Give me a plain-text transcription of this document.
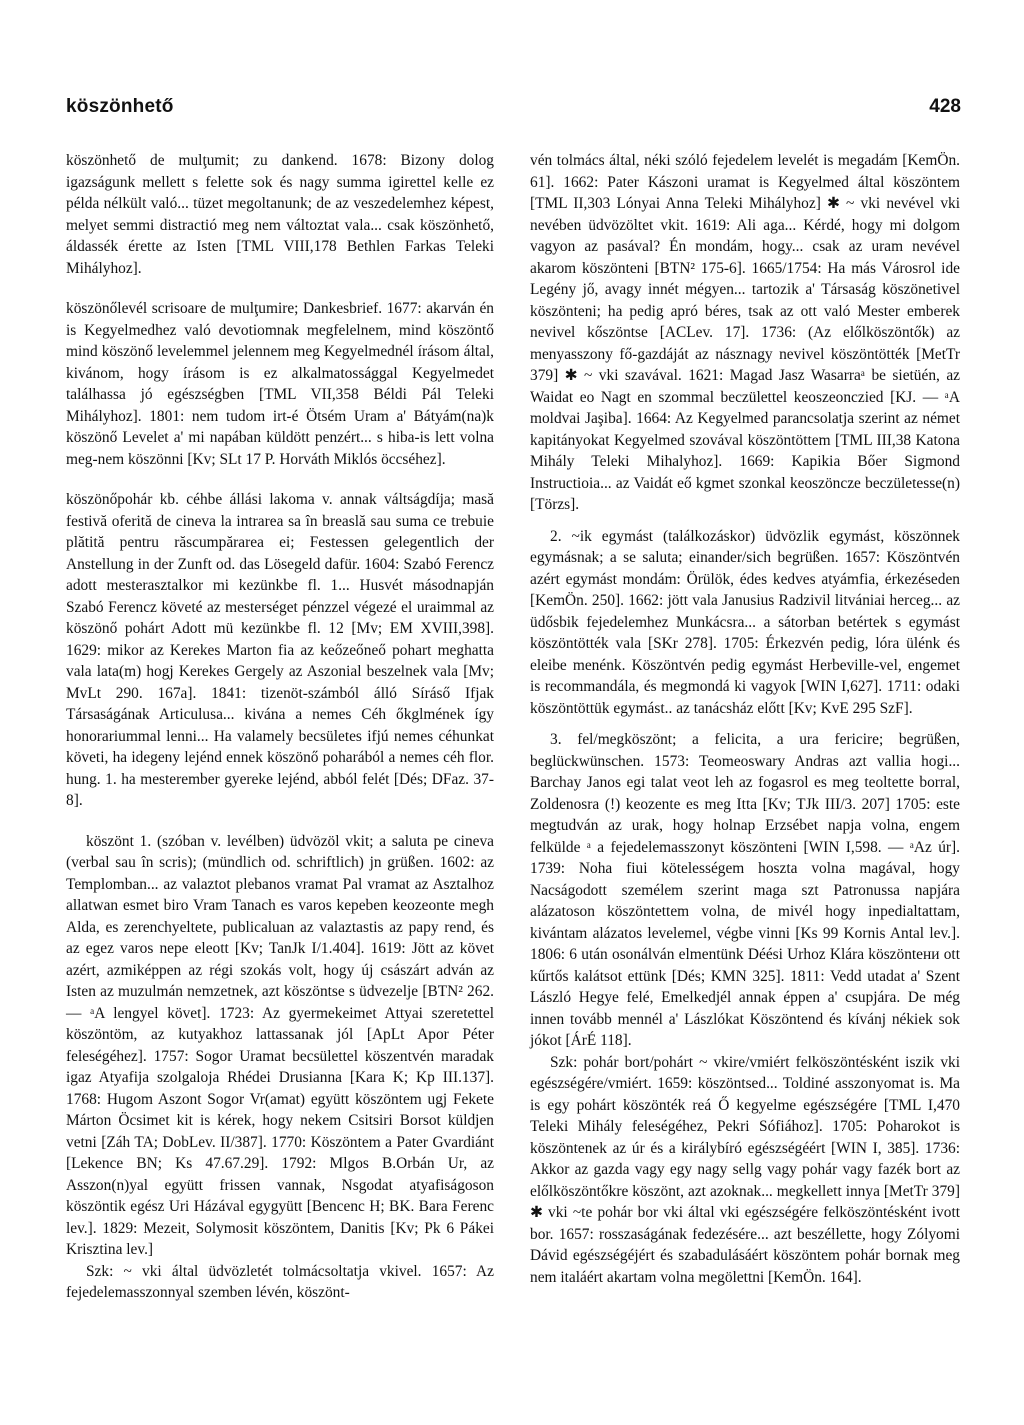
köszönhető	428

köszönhető de mulţumit; zu dankend. 1678: Bizony dolog igazságunk mellett s felette sok és nagy summa igirettel kelle ez példa nélkült való... tüzet megoltanunk; de az veszedelemhez képest, melyet semmi distractió meg nem változtat vala... csak köszönhető, áldassék érette az Isten [TML VIII,178 Bethlen Farkas Teleki Mihályhoz].

köszönőlevél scrisoare de mulţumire; Dankesbrief. 1677: akarván én is Kegyelmedhez való devotiomnak megfelelnem, mind köszöntő mind köszönő levelemmel jelennem meg Kegyelmednél írásom által, kivánom, hogy írásom is ez alkalmatossággal Kegyelmedet találhassa jó egészségben [TML VII,358 Béldi Pál Teleki Mihályhoz]. 1801: nem tudom irt-é Ötsém Uram a' Bátyám(na)k köszönő Levelet a' mi napában küldött penzért... s hiba-is lett volna meg-nem köszönni [Kv; SLt 17 P. Horváth Miklós öccséhez].

köszönőpohár kb. céhbe állási lakoma v. annak váltságdíja; masă festivă oferită de cineva la intrarea sa în breaslă sau suma ce trebuie plătită pentru răscumpărarea ei; Festessen gelegentlich der Anstellung in der Zunft od. das Lösegeld dafür. 1604: Szabó Ferencz adott mesterasztalkor mi kezünkbe fl. 1... Husvét másodnapján Szabó Ferencz követé az mesterséget pénzzel végezé el uraimmal az köszönő pohárt Adott mü kezünkbe fl. 12 [Mv; EM XVIII,398]. 1629: mikor az Kerekes Marton fia az keőzeőneő pohart meghatta vala lata(m) hogj Kerekes Gergely az Aszonial beszelnek vala [Mv; MvLt 290. 167a]. 1841: tizenöt-számból álló Síráső Ifjak Társaságának Articulusa... kivána a nemes Céh őkglmének így honorariummal lenni... Ha valamely becsületes ifjú nemes céhunkat követi, ha idegeny lejénd ennek köszönő poharából a nemes céh flor. hung. 1. ha mesterember gyereke lejénd, abból felét [Dés; DFaz. 37-8].

köszönt 1. (szóban v. levélben) üdvözöl vkit; a saluta pe cineva (verbal sau în scris); (mündlich od. schriftlich) jn grüßen. 1602: az Templomban... az valaztot plebanos vramat Pal vramat az Asztalhoz allatwan esmet biro Vram Tanach es varos kepeben keozeonte megh Alda, es zerenchyeltete, publicaluan az valaztastis az papy rend, és az egez varos nepe eleott [Kv; TanJk I/1.404]. 1619: Jött az követ azért, azmiképpen az régi szokás volt, hogy új császárt adván az Isten az muzulmán nemzetnek, azt köszöntse s üdvezelje [BTN² 262. — ᵃA lengyel követ]. 1723: Az gyermekeimet Attyai szeretettel köszöntöm, az kutyakhoz lattassanak jól [ApLt Apor Péter feleségéhez]. 1757: Sogor Uramat becsülettel köszentvén maradak igaz Atyafija szolgaloja Rhédei Drusianna [Kara K; Kp III.137]. 1768: Hugom Aszont Sogor Vr(amat) együtt köszöntem ugj Fekete Márton Öcsimet kit is kérek, hogy nekem Csitsiri Borsot küldjen vetni [Záh TA; DobLev. II/387]. 1770: Köszöntem a Pater Gvardiánt [Lekence BN; Ks 47.67.29]. 1792: Mlgos B.Orbán Ur, az Asszon(n)yal együtt frissen vannak, Nsgodat atyafiságoson köszöntik egész Uri Házával egygyütt [Bencenc H; BK. Bara Ferenc lev.]. 1829: Mezeit, Solymosit köszöntem, Danitis [Kv; Pk 6 Pákei Krisztina lev.]

Szk: ~ vki által üdvözletét tolmácsoltatja vkivel. 1657: Az fejedelemasszonnyal szemben lévén, köszönt-

vén tolmács által, néki szóló fejedelem levelét is megadám [KemÖn. 61]. 1662: Pater Kászoni uramat is Kegyelmed által köszöntem [TML II,303 Lónyai Anna Teleki Mihályhoz] ✱ ~ vki nevével vki nevében üdvözöltet vkit. 1619: Ali aga... Kérdé, hogy mi dolgom vagyon az pasával? Én mondám, hogy... csak az uram nevével akarom köszönteni [BTN² 175-6]. 1665/1754: Ha más Városrol ide Legény jő, avagy innét mégyen... tartozik a' Társaság köszönetivel köszönteni; ha pedig apró béres, tsak az ott való Mester emberek nevivel kőszöntse [ACLev. 17]. 1736: (Az előlköszöntők) az menyasszony fő-gazdáját az násznagy nevivel köszöntötték [MetTr 379] ✱ ~ vki szavával. 1621: Magad Jasz Wasarraᵃ be sietüén, az Waidat eo Nagt en szommal beczülettel keoszeonczied [KJ. — ᵃA moldvai Jaşiba]. 1664: Az Kegyelmed parancsolatja szerint az német kapitányokat Kegyelmed szovával köszöntöttem [TML III,38 Katona Mihály Teleki Mihalyhoz]. 1669: Kapikia Bőer Sigmond Instructioia... az Vaidát eő kgmet szonkal keoszöncze beczületesse(n) [Törzs].

2. ~ik egymást (találkozáskor) üdvözlik egymást, köszönnek egymásnak; a se saluta; einander/sich begrüßen. 1657: Köszöntvén azért egymást mondám: Örülök, édes kedves atyámfia, érkezéseden [KemÖn. 250]. 1662: jött vala Janusius Radzivil litvániai herceg... az üdősbik fejedelemhez Munkácsra... a sátorban betértek s egymást köszöntötték vala [SKr 278]. 1705: Érkezvén pedig, lóra ülénk és eleibe menénk. Köszöntvén pedig egymást Herbeville-vel, engemet is recommandála, és megmondá ki vagyok [WIN I,627]. 1711: odaki köszöntöttük egymást.. az tanácsház előtt [Kv; KvE 295 SzF].

3. fel/megköszönt; a felicita, a ura fericire; begrüßen, beglückwünschen. 1573: Teomeoswary Andras azt vallia hogi... Barchay Janos egi talat veot leh az fogasrol es meg teoltette borral, Zoldenosra (!) keozente es meg Itta [Kv; TJk III/3. 207] 1705: este megtudván az urak, hogy holnap Erzsébet napja volna, engem felkülde ᵃ a fejedelemasszonyt köszönteni [WIN I,598. — ᵃAz úr]. 1739: Noha fiui kötelességem hoszta volna magával, hogy Nacságodott személem szerint maga szt Patronussa napjára alázatoson köszöntettem volna, de mivél hogy inpedialtattam, kivántam alázatos levelemel, végbe vinni [Ks 99 Kornis Antal lev.]. 1806: 6 után osonálván elmentünk Déési Urhoz Klára köszöntени ott kűrtős kalátsot ettünk [Dés; KMN 325]. 1811: Vedd utadat a' Szent László Hegye felé, Emelkedjél annak éppen a' csupjára. De még innen tovább mennél a' Lászlókat Köszöntend és kívánj nékiek sok jókot [ÁrÉ 118].

Szk: pohár bort/pohárt ~ vkire/vmiért felköszöntésként iszik vki egészségére/vmiért. 1659: köszöntsed... Toldiné asszonyomat is. Ma is egy pohárt köszönték reá Ő kegyelme egészségére [TML I,470 Teleki Mihály feleségéhez, Pekri Sófiához]. 1705: Poharokot is köszöntenek az úr és a királybíró egészségéért [WIN I, 385]. 1736: Akkor az gazda vagy egy nagy sellg vagy pohár vagy fazék bort az előlköszöntőkre köszönt, azt azoknak... megkellett innya [MetTr 379] ✱ vki ~te pohár bor vki által vki egészségére felköszöntésként ivott bor. 1657: rosszaságának fedezésére... azt beszéllette, hogy Zólyomi Dávid egészségéjért és szabadulásáért köszöntem pohár bornak meg nem italáért akartam volna megölettni [KemÖn. 164].
